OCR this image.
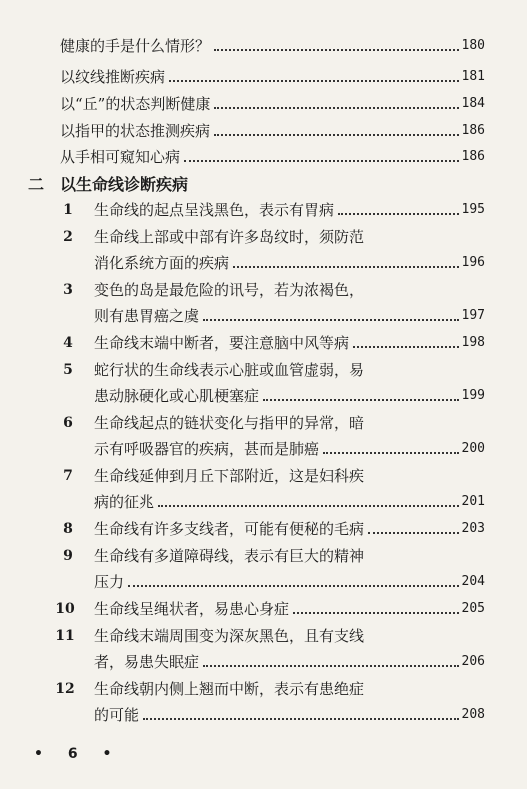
健康的手是什么情形？	180
以纹线推断疾病	181
以“丘”的状态判断健康	184
以指甲的状态推测疾病	186
从手相可窥知心病	186
二 以生命线诊断疾病
1	生命线的起点呈浅黑色，表示有胃病	195
2	生命线上部或中部有许多岛纹时，须防范
消化系统方面的疾病	196
3	变色的岛是最危险的讯号，若为浓褐色，
则有患胃癌之虞	197
4	生命线末端中断者，要注意脑中风等病	198
5	蛇行状的生命线表示心脏或血管虚弱，易
患动脉硬化或心肌梗塞症	199
6	生命线起点的链状变化与指甲的异常，暗
示有呼吸器官的疾病，甚而是肺癌	200
7	生命线延伸到月丘下部附近，这是妇科疾
病的征兆	201
8	生命线有许多支线者，可能有便秘的毛病	203
9	生命线有多道障碍线，表示有巨大的精神
压力	204
10 生命线呈绳状者，易患心身症	205
11 生命线末端周围变为深灰黑色，且有支线
者，易患失眠症	206
12 生命线朝内侧上翘而中断，表示有患绝症
的可能	208
• 6 •
